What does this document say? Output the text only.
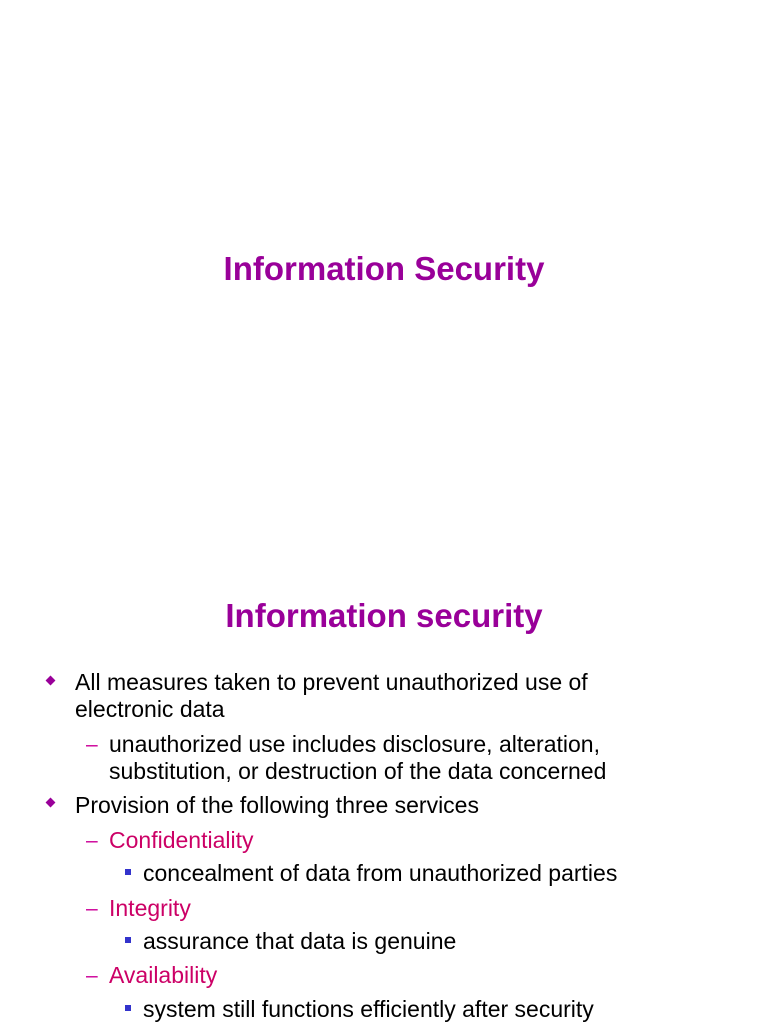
Information Security
Information security
All measures taken to prevent unauthorized use of
electronic data
– unauthorized use includes disclosure, alteration,
substitution, or destruction of the data concerned
Provision of the following three services
– Confidentiality
concealment of data from unauthorized parties
– Integrity
assurance that data is genuine
– Availability
system still functions efficiently after security
